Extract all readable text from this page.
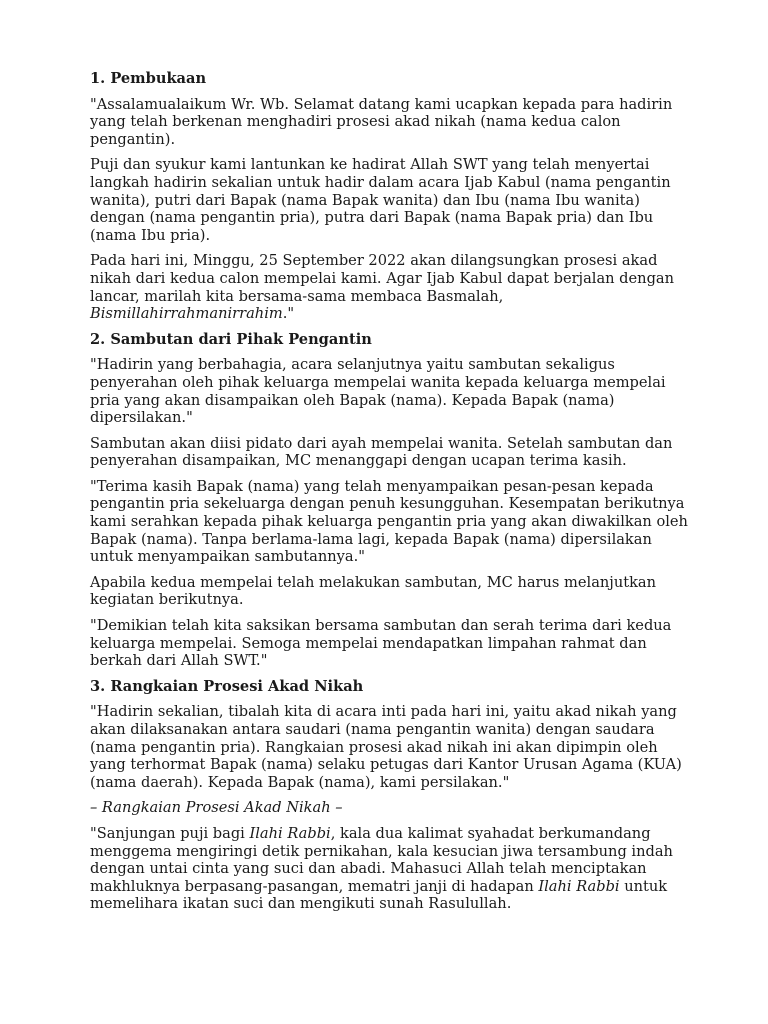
1. Pembukaan

"Assalamualaikum Wr. Wb. Selamat datang kami ucapkan kepada para hadirin yang telah berkenan menghadiri prosesi akad nikah (nama kedua calon pengantin).

Puji dan syukur kami lantunkan ke hadirat Allah SWT yang telah menyertai langkah hadirin sekalian untuk hadir dalam acara Ijab Kabul (nama pengantin wanita), putri dari Bapak (nama Bapak wanita) dan Ibu (nama Ibu wanita) dengan (nama pengantin pria), putra dari Bapak (nama Bapak pria) dan Ibu (nama Ibu pria).

Pada hari ini, Minggu, 25 September 2022 akan dilangsungkan prosesi akad nikah dari kedua calon mempelai kami. Agar Ijab Kabul dapat berjalan dengan lancar, marilah kita bersama-sama membaca Basmalah, Bismillahirrahmanirrahim."

2. Sambutan dari Pihak Pengantin

"Hadirin yang berbahagia, acara selanjutnya yaitu sambutan sekaligus penyerahan oleh pihak keluarga mempelai wanita kepada keluarga mempelai pria yang akan disampaikan oleh Bapak (nama). Kepada Bapak (nama) dipersilakan."

Sambutan akan diisi pidato dari ayah mempelai wanita. Setelah sambutan dan penyerahan disampaikan, MC menanggapi dengan ucapan terima kasih.

"Terima kasih Bapak (nama) yang telah menyampaikan pesan-pesan kepada pengantin pria sekeluarga dengan penuh kesungguhan. Kesempatan berikutnya kami serahkan kepada pihak keluarga pengantin pria yang akan diwakilkan oleh Bapak (nama). Tanpa berlama-lama lagi, kepada Bapak (nama) dipersilakan untuk menyampaikan sambutannya."

Apabila kedua mempelai telah melakukan sambutan, MC harus melanjutkan kegiatan berikutnya.

"Demikian telah kita saksikan bersama sambutan dan serah terima dari kedua keluarga mempelai. Semoga mempelai mendapatkan limpahan rahmat dan berkah dari Allah SWT."

3. Rangkaian Prosesi Akad Nikah

"Hadirin sekalian, tibalah kita di acara inti pada hari ini, yaitu akad nikah yang akan dilaksanakan antara saudari (nama pengantin wanita) dengan saudara (nama pengantin pria). Rangkaian prosesi akad nikah ini akan dipimpin oleh yang terhormat Bapak (nama) selaku petugas dari Kantor Urusan Agama (KUA) (nama daerah). Kepada Bapak (nama), kami persilakan."

– Rangkaian Prosesi Akad Nikah –

"Sanjungan puji bagi Ilahi Rabbi, kala dua kalimat syahadat berkumandang menggema mengiringi detik pernikahan, kala kesucian jiwa tersambung indah dengan untai cinta yang suci dan abadi. Mahasuci Allah telah menciptakan makhluknya berpasang-pasangan, mematri janji di hadapan Ilahi Rabbi untuk memelihara ikatan suci dan mengikuti sunah Rasulullah.
